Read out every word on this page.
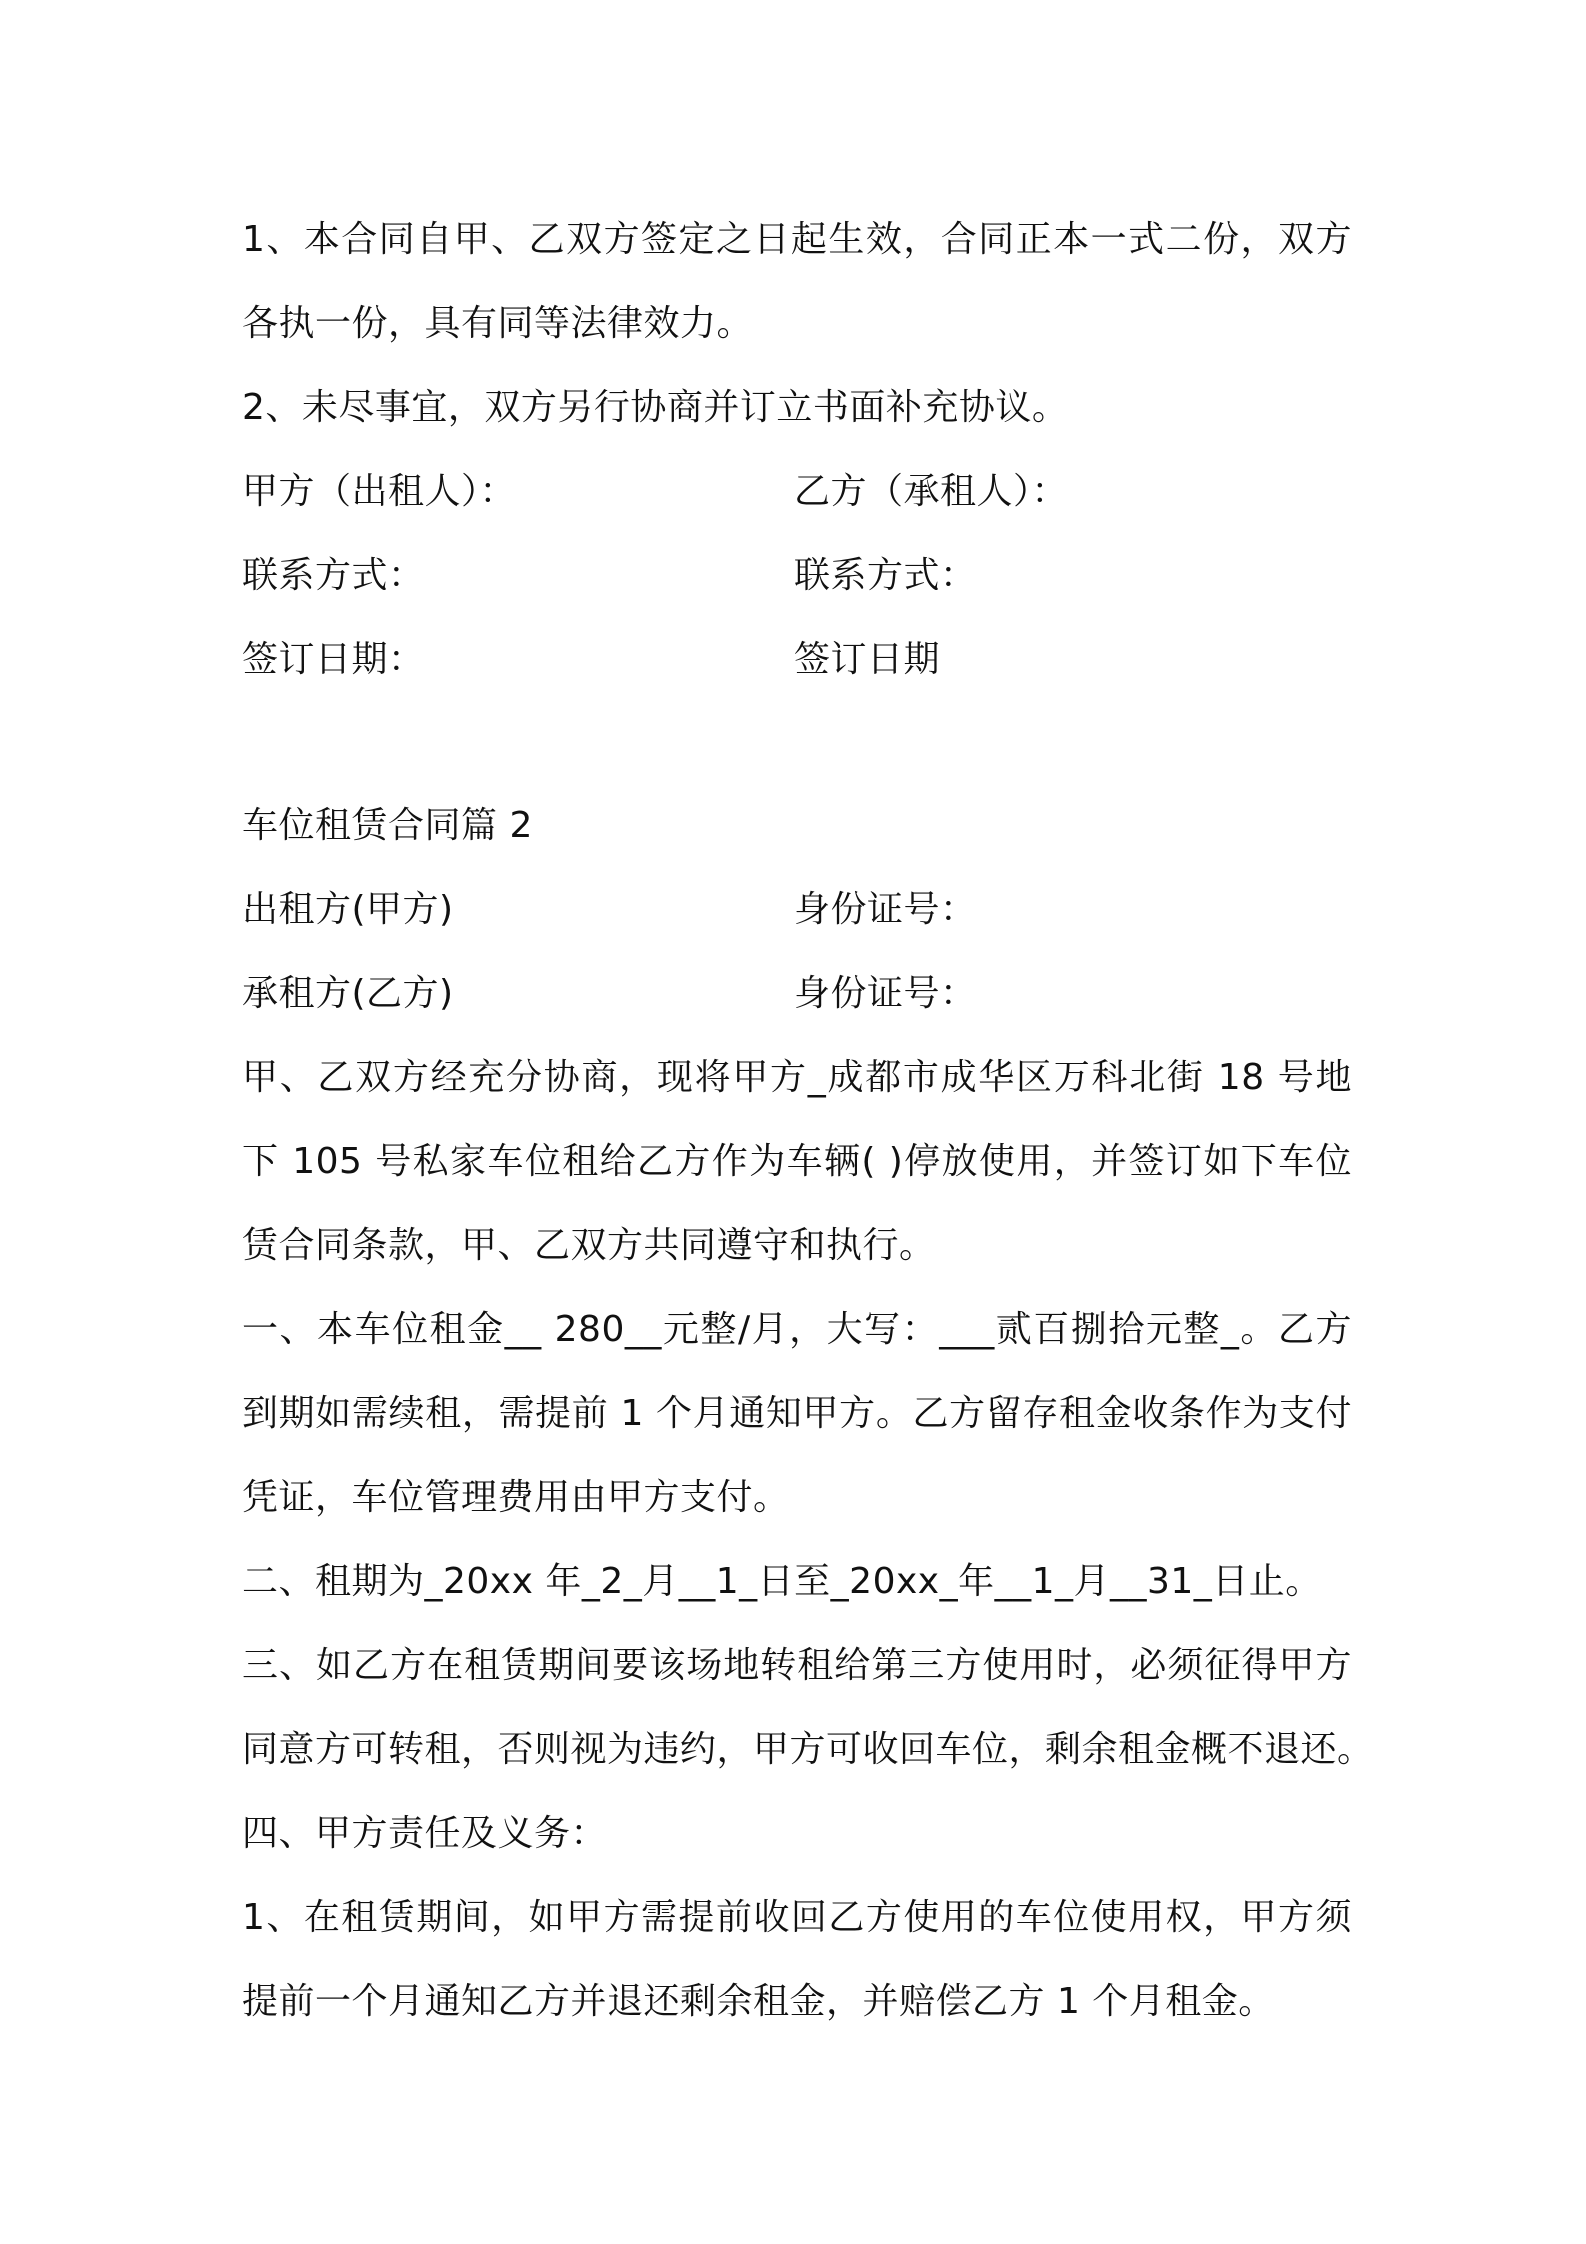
1、本合同自甲、乙双方签定之日起生效，合同正本一式二份，双方
各执一份，具有同等法律效力。
2、未尽事宜，双方另行协商并订立书面补充协议。
甲方（出租人）：	乙方（承租人）：
联系方式：	联系方式：
签订日期：	签订日期
车位租赁合同篇 2
出租方(甲方)	身份证号：
承租方(乙方)	身份证号：
甲、乙双方经充分协商，现将甲方_成都市成华区万科北街 18 号地
下 105 号私家车位租给乙方作为车辆( )停放使用，并签订如下车位
赁合同条款，甲、乙双方共同遵守和执行。
一、本车位租金__ 280__元整/月，大写：___贰百捌拾元整_。乙方
到期如需续租，需提前 1 个月通知甲方。乙方留存租金收条作为支付
凭证，车位管理费用由甲方支付。
二、租期为_20xx 年_2_月__1_日至_20xx_年__1_月__31_日止。
三、如乙方在租赁期间要该场地转租给第三方使用时，必须征得甲方
同意方可转租，否则视为违约，甲方可收回车位，剩余租金概不退还。
四、甲方责任及义务：
1、在租赁期间，如甲方需提前收回乙方使用的车位使用权，甲方须
提前一个月通知乙方并退还剩余租金，并赔偿乙方 1 个月租金。
